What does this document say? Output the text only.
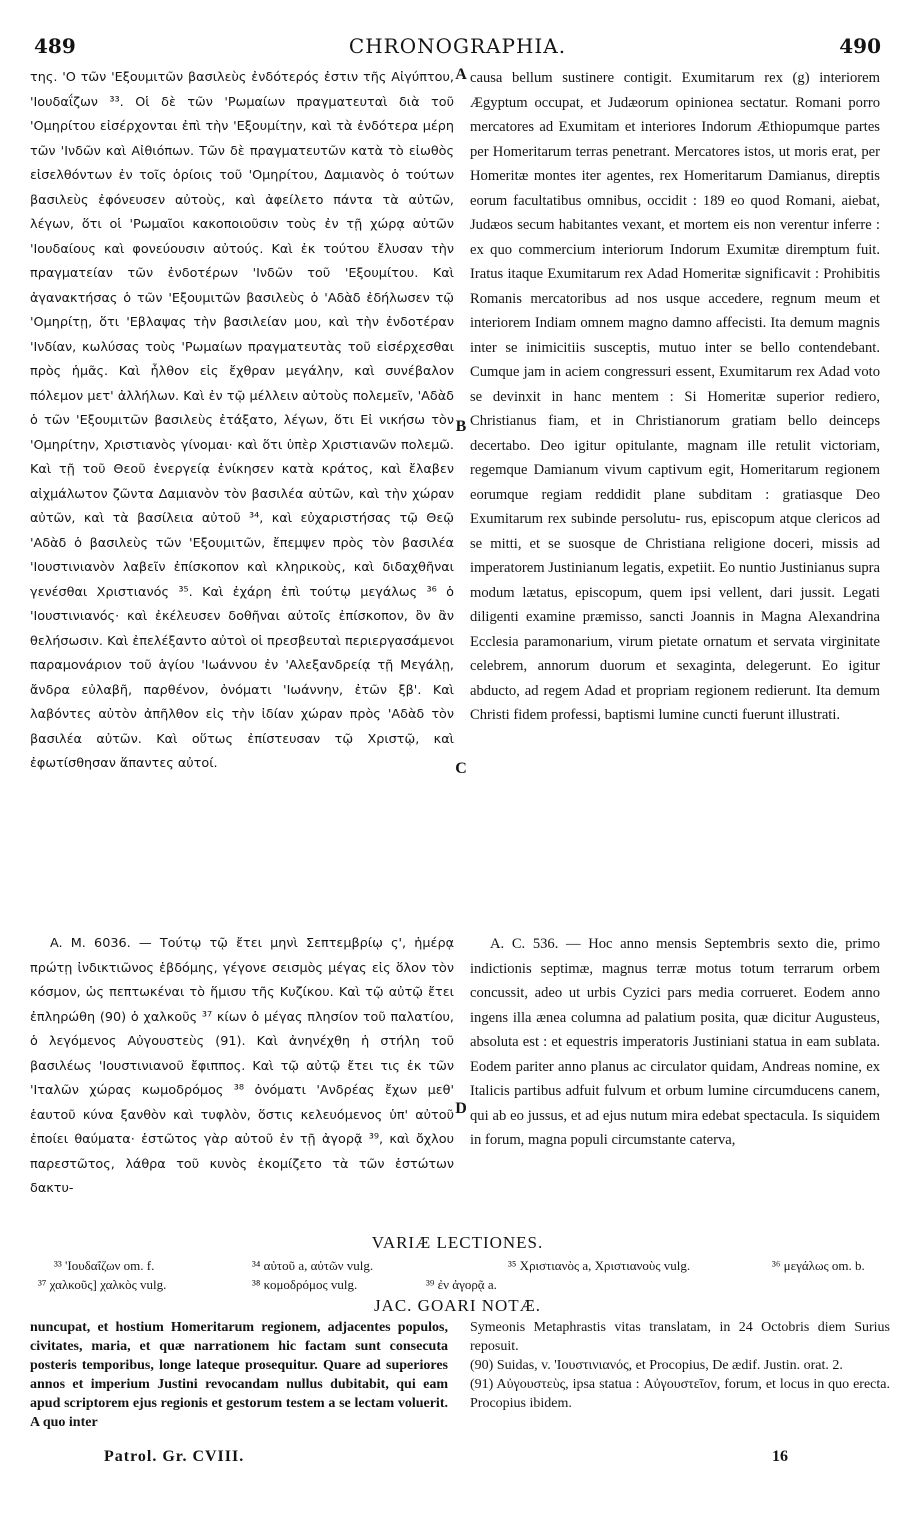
489	CHRONOGRAPHIA.	490

της. 'Ο τῶν 'Εξουμιτῶν βασιλεὺς ἐνδότερός ἐστιν τῆς Αἰγύπτου, 'Ιουδαΐζων ³³. Οἱ δὲ τῶν 'Ρωμαίων πραγματευταὶ διὰ τοῦ 'Ομηρίτου εἰσέρχονται ἐπὶ τὴν 'Εξουμίτην, καὶ τὰ ἐνδότερα μέρη τῶν 'Ινδῶν καὶ Αἰθιόπων. Τῶν δὲ πραγματευτῶν κατὰ τὸ εἰωθὸς εἰσελθόντων ἐν τοῖς ὁρίοις τοῦ 'Ομηρίτου, Δαμιανὸς ὁ τούτων βασιλεὺς ἐφόνευσεν αὐτοὺς, καὶ ἀφείλετο πάντα τὰ αὐτῶν, λέγων, ὅτι οἱ 'Ρωμαῖοι κακοποιοῦσιν τοὺς ἐν τῇ χώρᾳ αὐτῶν 'Ιουδαίους καὶ φονεύουσιν αὐτούς. Καὶ ἐκ τούτου ἔλυσαν τὴν πραγματείαν τῶν ἐνδοτέρων 'Ινδῶν τοῦ 'Εξουμίτου. Καὶ ἀγανακτήσας ὁ τῶν 'Εξουμιτῶν βασιλεὺς ὁ 'Αδὰδ ἐδήλωσεν τῷ 'Ομηρίτῃ, ὅτι 'Εβλαψας τὴν βασιλείαν μου, καὶ τὴν ἐνδοτέραν 'Ινδίαν, κωλύσας τοὺς 'Ρωμαίων πραγματευτὰς τοῦ εἰσέρχεσθαι πρὸς ἡμᾶς. Καὶ ἦλθον εἰς ἔχθραν μεγάλην, καὶ συνέβαλον πόλεμον μετ' ἀλλήλων. Καὶ ἐν τῷ μέλλειν αὐτοὺς πολεμεῖν, 'Αδὰδ ὁ τῶν 'Εξουμιτῶν βασιλεὺς ἐτάξατο, λέγων, ὅτι Εἰ νικήσω τὸν 'Ομηρίτην, Χριστιανὸς γίνομαι· καὶ ὅτι ὑπὲρ Χριστιανῶν πολεμῶ. Καὶ τῇ τοῦ Θεοῦ ἐνεργείᾳ ἐνίκησεν κατὰ κράτος, καὶ ἔλαβεν αἰχμάλωτον ζῶντα Δαμιανὸν τὸν βασιλέα αὐτῶν, καὶ τὴν χώραν αὐτῶν, καὶ τὰ βασίλεια αὐτοῦ ³⁴, καὶ εὐχαριστήσας τῷ Θεῷ 'Αδὰδ ὁ βασιλεὺς τῶν 'Εξουμιτῶν, ἔπεμψεν πρὸς τὸν βασιλέα 'Ιουστινιανὸν λαβεῖν ἐπίσκοπον καὶ κληρικοὺς, καὶ διδαχθῆναι γενέσθαι Χριστιανός ³⁵. Καὶ ἐχάρη ἐπὶ τούτῳ μεγάλως ³⁶ ὁ 'Ιουστινιανός· καὶ ἐκέλευσεν δοθῆναι αὐτοῖς ἐπίσκοπον, ὃν ἂν θελήσωσιν. Καὶ ἐπελέξαντο αὐτοὶ οἱ πρεσβευταὶ περιεργασάμενοι παραμονάριον τοῦ ἁγίου 'Ιωάννου ἐν 'Αλεξανδρείᾳ τῇ Μεγάλῃ, ἄνδρα εὐλαβῆ, παρθένον, ὀνόματι 'Ιωάννην, ἐτῶν ξβ'. Καὶ λαβόντες αὐτὸν ἀπῆλθον εἰς τὴν ἰδίαν χώραν πρὸς 'Αδὰδ τὸν βασιλέα αὐτῶν. Καὶ οὕτως ἐπίστευσαν τῷ Χριστῷ, καὶ ἐφωτίσθησαν ἅπαντες αὐτοί.

causa bellum sustinere contigit. Exumitarum rex (g) interiorem Ægyptum occupat, et Judæorum opinionea sectatur. Romani porro mercatores ad Exumitam et interiores Indorum Æthiopumque partes per Homeritarum terras penetrant. Mercatores istos, ut moris erat, per Homeritæ montes iter agentes, rex Homeritarum Damianus, direptis eorum facultatibus omnibus, occidit : 189 eo quod Romani, aiebat, Judæos secum habitantes vexant, et mortem eis non verentur inferre : ex quo commercium interiorum Indorum Exumitæ diremptum fuit. Iratus itaque Exumitarum rex Adad Homeritæ significavit : Prohibitis Romanis mercatoribus ad nos usque accedere, regnum meum et interiorem Indiam omnem magno damno affecisti. Ita demum magnis inter se inimicitiis susceptis, mutuo inter se bello contendebant. Cumque jam in aciem congressuri essent, Exumitarum rex Adad voto se devinxit in hanc mentem : Si Homeritæ superior rediero, Christianus fiam, et in Christianorum gratiam bello deinceps decertabo. Deo igitur opitulante, magnam ille retulit victoriam, regemque Damianum vivum captivum egit, Homeritarum regionem eorumque regiam reddidit plane subditam : gratiasque Deo Exumitarum rex subinde persolutu- rus, episcopum atque clericos ad se mitti, et se suosque de Christiana religione doceri, missis ad imperatorem Justinianum legatis, expetiit. Eo nuntio Justinianus supra modum lætatus, episcopum, quem ipsi vellent, dari jussit. Legati diligenti examine præmisso, sancti Joannis in Magna Alexandrina Ecclesia paramonarium, virum pietate ornatum et servata virginitate celebrem, annorum duorum et sexaginta, delegerunt. Eo igitur abducto, ad regem Adad et propriam regionem redierunt. Ita demum Christi fidem professi, baptismi lumine cuncti fuerunt illustrati.

A. M. 6036. — Τούτῳ τῷ ἔτει μηνὶ Σεπτεμβρίῳ ς', ἡμέρᾳ πρώτῃ ἰνδικτιῶνος ἑβδόμης, γέγονε σεισμὸς μέγας εἰς ὅλον τὸν κόσμον, ὡς πεπτωκέναι τὸ ἥμισυ τῆς Κυζίκου. Καὶ τῷ αὐτῷ ἔτει ἐπληρώθη (90) ὁ χαλκοῦς ³⁷ κίων ὁ μέγας πλησίον τοῦ παλατίου, ὁ λεγόμενος Αὐγουστεὺς (91). Καὶ ἀνηνέχθη ἡ στήλη τοῦ βασιλέως 'Ιουστινιανοῦ ἔφιππος. Καὶ τῷ αὐτῷ ἔτει τις ἐκ τῶν 'Ιταλῶν χώρας κωμοδρόμος ³⁸ ὀνόματι 'Ανδρέας ἔχων μεθ' ἑαυτοῦ κύνα ξανθὸν καὶ τυφλὸν, ὅστις κελευόμενος ὑπ' αὐτοῦ ἐποίει θαύματα· ἑστῶτος γὰρ αὐτοῦ ἐν τῇ ἀγορᾷ ³⁹, καὶ ὄχλου παρεστῶτος, λάθρα τοῦ κυνὸς ἐκομίζετο τὰ τῶν ἑστώτων δακτυ-

A. C. 536. — Hoc anno mensis Septembris sexto die, primo indictionis septimæ, magnus terræ motus totum terrarum orbem concussit, adeo ut urbis Cyzici pars media corrueret. Eodem anno ingens illa ænea columna ad palatium posita, quæ dicitur Augusteus, absoluta est : et equestris imperatoris Justiniani statua in eam sublata. Eodem pariter anno planus ac circulator quidam, Andreas nomine, ex Italicis partibus adfuit fulvum et orbum lumine circumducens canem, qui ab eo jussus, et ad ejus nutum mira edebat spectacula. Is siquidem in forum, magna populi circumstante caterva,

A
B
C
D
VARIÆ LECTIONES.
³³ 'Ιουδαΐζων om. f.	³⁴ αὐτοῦ a, αὐτῶν vulg.	³⁵ Χριστιανὸς a, Χριστιανοὺς vulg.	³⁶ μεγάλως om. b.
³⁷ χαλκοῦς] χαλκὸς vulg.	³⁸ κομοδρόμος vulg.	³⁹ ἐν ἀγορᾷ a.
JAC. GOARI NOTÆ.

nuncupat, et hostium Homeritarum regionem, adjacentes populos, civitates, maria, et quæ narrationem hic factam sunt consecuta posteris temporibus, longe lateque prosequitur. Quare ad superiores annos et imperium Justini revocandam nullus dubitabit, qui eam apud scriptorem ejus regionis et gestorum testem a se lectam voluerit. A quo inter

Symeonis Metaphrastis vitas translatam, in 24 Octobris diem Surius reposuit.

(90) Suidas, v. 'Ιουστινιανός, et Procopius, De ædif. Justin. orat. 2.

(91) Αὐγουστεὺς, ipsa statua : Αὐγουστεῖον, forum, et locus in quo erecta. Procopius ibidem.

Patrol. Gr. CVIII.	16
